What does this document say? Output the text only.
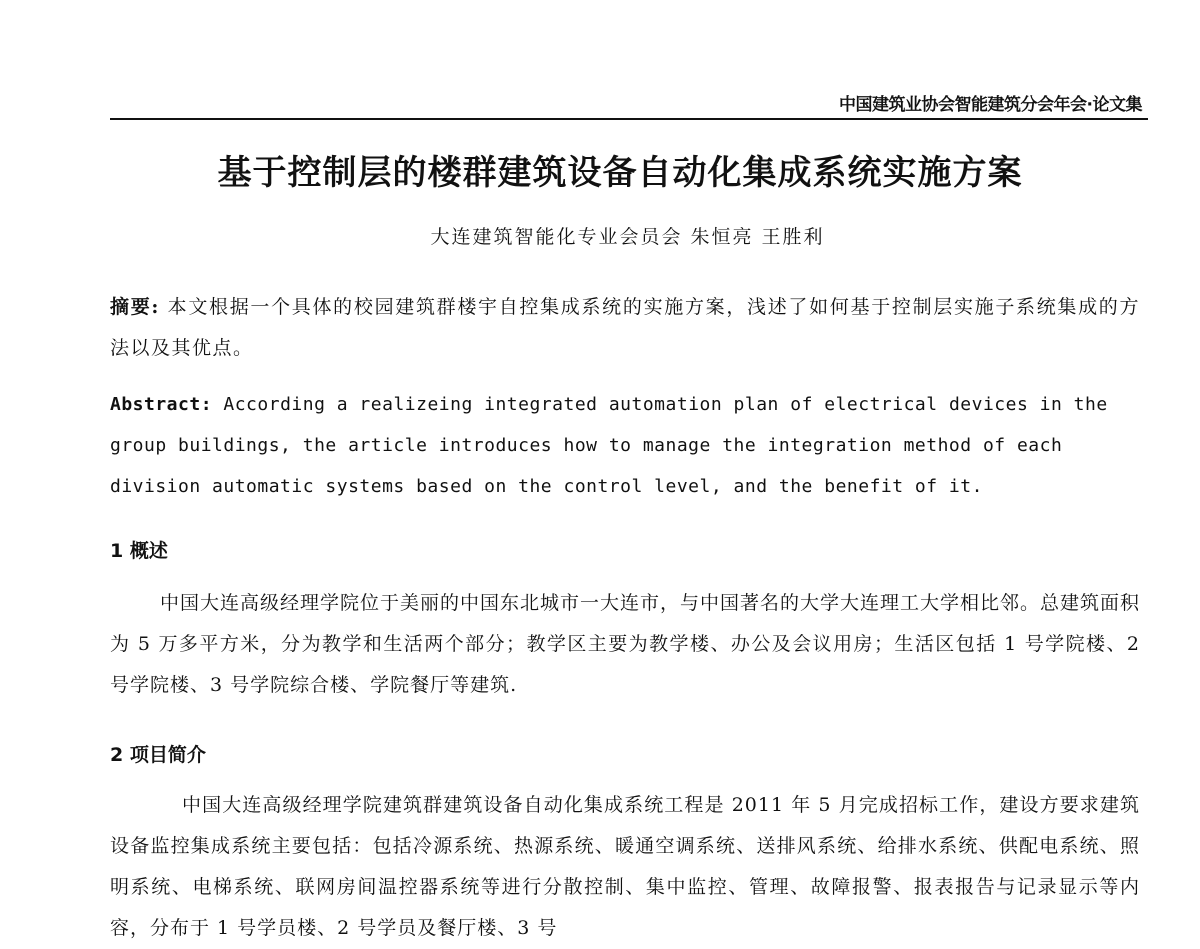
中国建筑业协会智能建筑分会年会·论文集
基于控制层的楼群建筑设备自动化集成系统实施方案
大连建筑智能化专业会员会 朱恒亮 王胜利
摘要: 本文根据一个具体的校园建筑群楼宇自控集成系统的实施方案，浅述了如何基于控制层实施子系统集成的方法以及其优点。
Abstract: According a realizeing integrated automation plan of electrical devices in the group buildings, the article introduces how to manage the integration method of each division automatic systems based on the control level, and the benefit of it.
1 概述
中国大连高级经理学院位于美丽的中国东北城市一大连市，与中国著名的大学大连理工大学相比邻。总建筑面积为 5 万多平方米，分为教学和生活两个部分；教学区主要为教学楼、办公及会议用房；生活区包括 1 号学院楼、2 号学院楼、3 号学院综合楼、学院餐厅等建筑.
2 项目简介
中国大连高级经理学院建筑群建筑设备自动化集成系统工程是 2011 年 5 月完成招标工作，建设方要求建筑设备监控集成系统主要包括：包括冷源系统、热源系统、暖通空调系统、送排风系统、给排水系统、供配电系统、照明系统、电梯系统、联网房间温控器系统等进行分散控制、集中监控、管理、故障报警、报表报告与记录显示等内容，分布于 1 号学员楼、2 号学员及餐厅楼、3 号
